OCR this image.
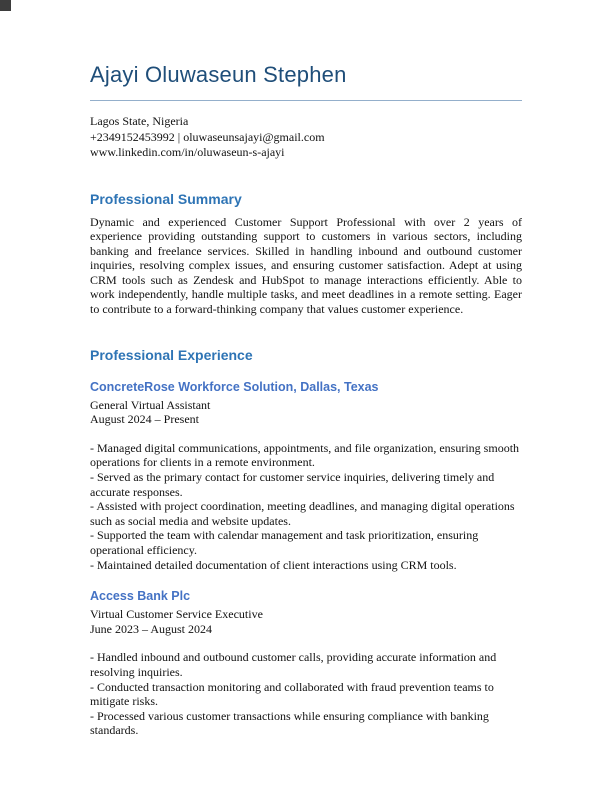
Ajayi Oluwaseun Stephen
Lagos State, Nigeria
+2349152453992 | oluwaseunsajayi@gmail.com
www.linkedin.com/in/oluwaseun-s-ajayi
Professional Summary

Dynamic and experienced Customer Support Professional with over 2 years of experience providing outstanding support to customers in various sectors, including banking and freelance services. Skilled in handling inbound and outbound customer inquiries, resolving complex issues, and ensuring customer satisfaction. Adept at using CRM tools such as Zendesk and HubSpot to manage interactions efficiently. Able to work independently, handle multiple tasks, and meet deadlines in a remote setting. Eager to contribute to a forward-thinking company that values customer experience.

Professional Experience
ConcreteRose Workforce Solution, Dallas, Texas
General Virtual Assistant
August 2024 – Present

- Managed digital communications, appointments, and file organization, ensuring smooth operations for clients in a remote environment.

- Served as the primary contact for customer service inquiries, delivering timely and accurate responses.

- Assisted with project coordination, meeting deadlines, and managing digital operations such as social media and website updates.

- Supported the team with calendar management and task prioritization, ensuring operational efficiency.

- Maintained detailed documentation of client interactions using CRM tools.

Access Bank Plc
Virtual Customer Service Executive
June 2023 – August 2024

- Handled inbound and outbound customer calls, providing accurate information and resolving inquiries.

- Conducted transaction monitoring and collaborated with fraud prevention teams to mitigate risks.

- Processed various customer transactions while ensuring compliance with banking standards.
